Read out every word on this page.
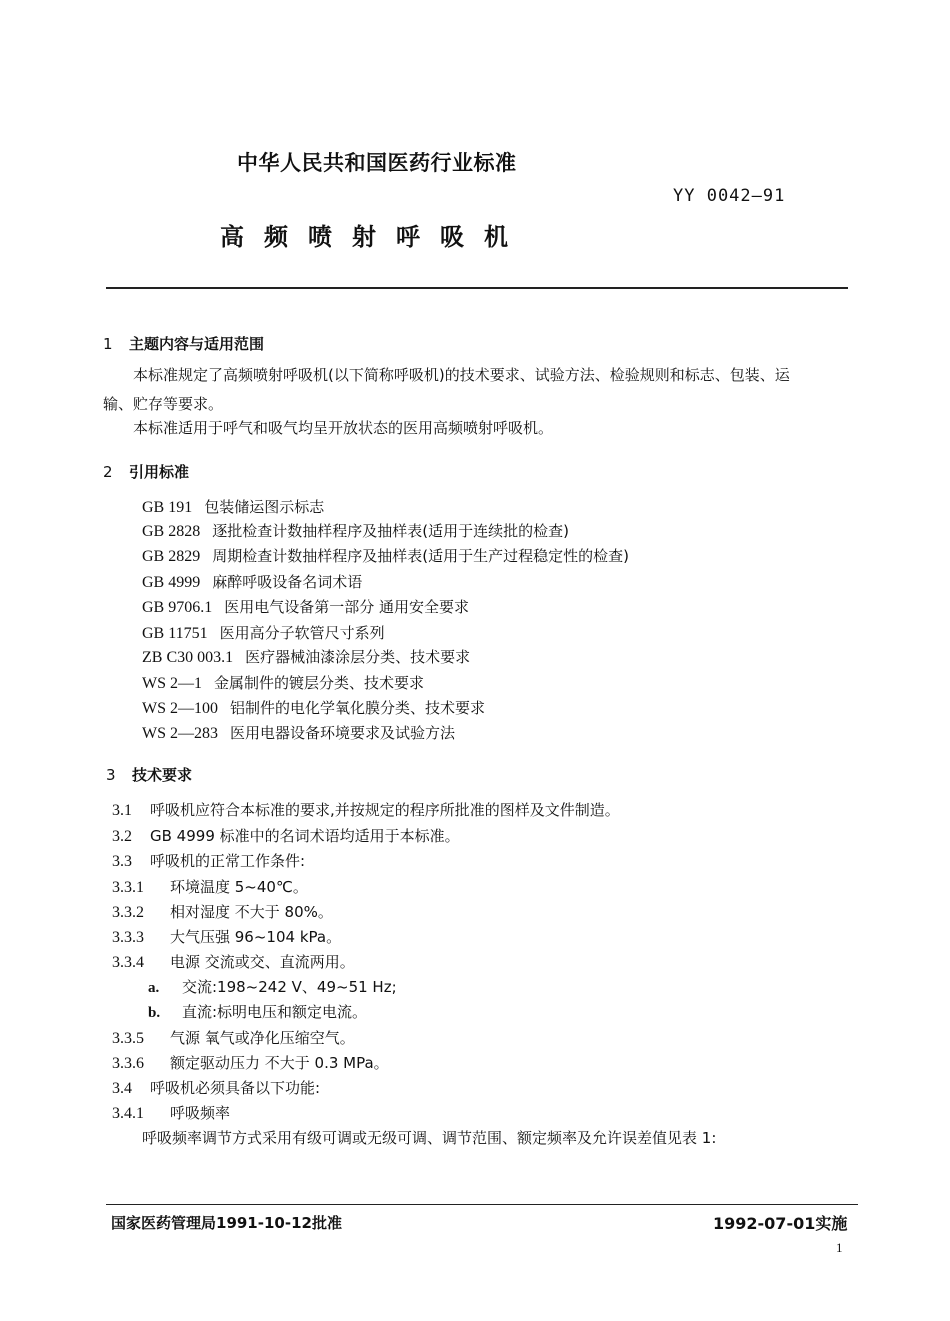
中华人民共和国医药行业标准
YY 0042—91
高频喷射呼吸机
1 主题内容与适用范围
本标准规定了高频喷射呼吸机(以下简称呼吸机)的技术要求、试验方法、检验规则和标志、包装、运
输、贮存等要求。
本标准适用于呼气和吸气均呈开放状态的医用高频喷射呼吸机。
2 引用标准
GB 191 包装储运图示标志
GB 2828 逐批检查计数抽样程序及抽样表(适用于连续批的检查)
GB 2829 周期检查计数抽样程序及抽样表(适用于生产过程稳定性的检查)
GB 4999 麻醉呼吸设备名词术语
GB 9706.1 医用电气设备第一部分 通用安全要求
GB 11751 医用高分子软管尺寸系列
ZB C30 003.1 医疗器械油漆涂层分类、技术要求
WS 2—1 金属制件的镀层分类、技术要求
WS 2—100 铝制件的电化学氧化膜分类、技术要求
WS 2—283 医用电器设备环境要求及试验方法
3 技术要求
3.1 呼吸机应符合本标准的要求,并按规定的程序所批准的图样及文件制造。
3.2 GB 4999 标准中的名词术语均适用于本标准。
3.3 呼吸机的正常工作条件:
3.3.1 环境温度 5~40℃。
3.3.2 相对湿度 不大于 80%。
3.3.3 大气压强 96~104 kPa。
3.3.4 电源 交流或交、直流两用。
a. 交流:198~242 V、49~51 Hz;
b. 直流:标明电压和额定电流。
3.3.5 气源 氧气或净化压缩空气。
3.3.6 额定驱动压力 不大于 0.3 MPa。
3.4 呼吸机必须具备以下功能:
3.4.1 呼吸频率
呼吸频率调节方式采用有级可调或无级可调、调节范围、额定频率及允许误差值见表 1:
国家医药管理局1991-10-12批准	1992-07-01实施
1
